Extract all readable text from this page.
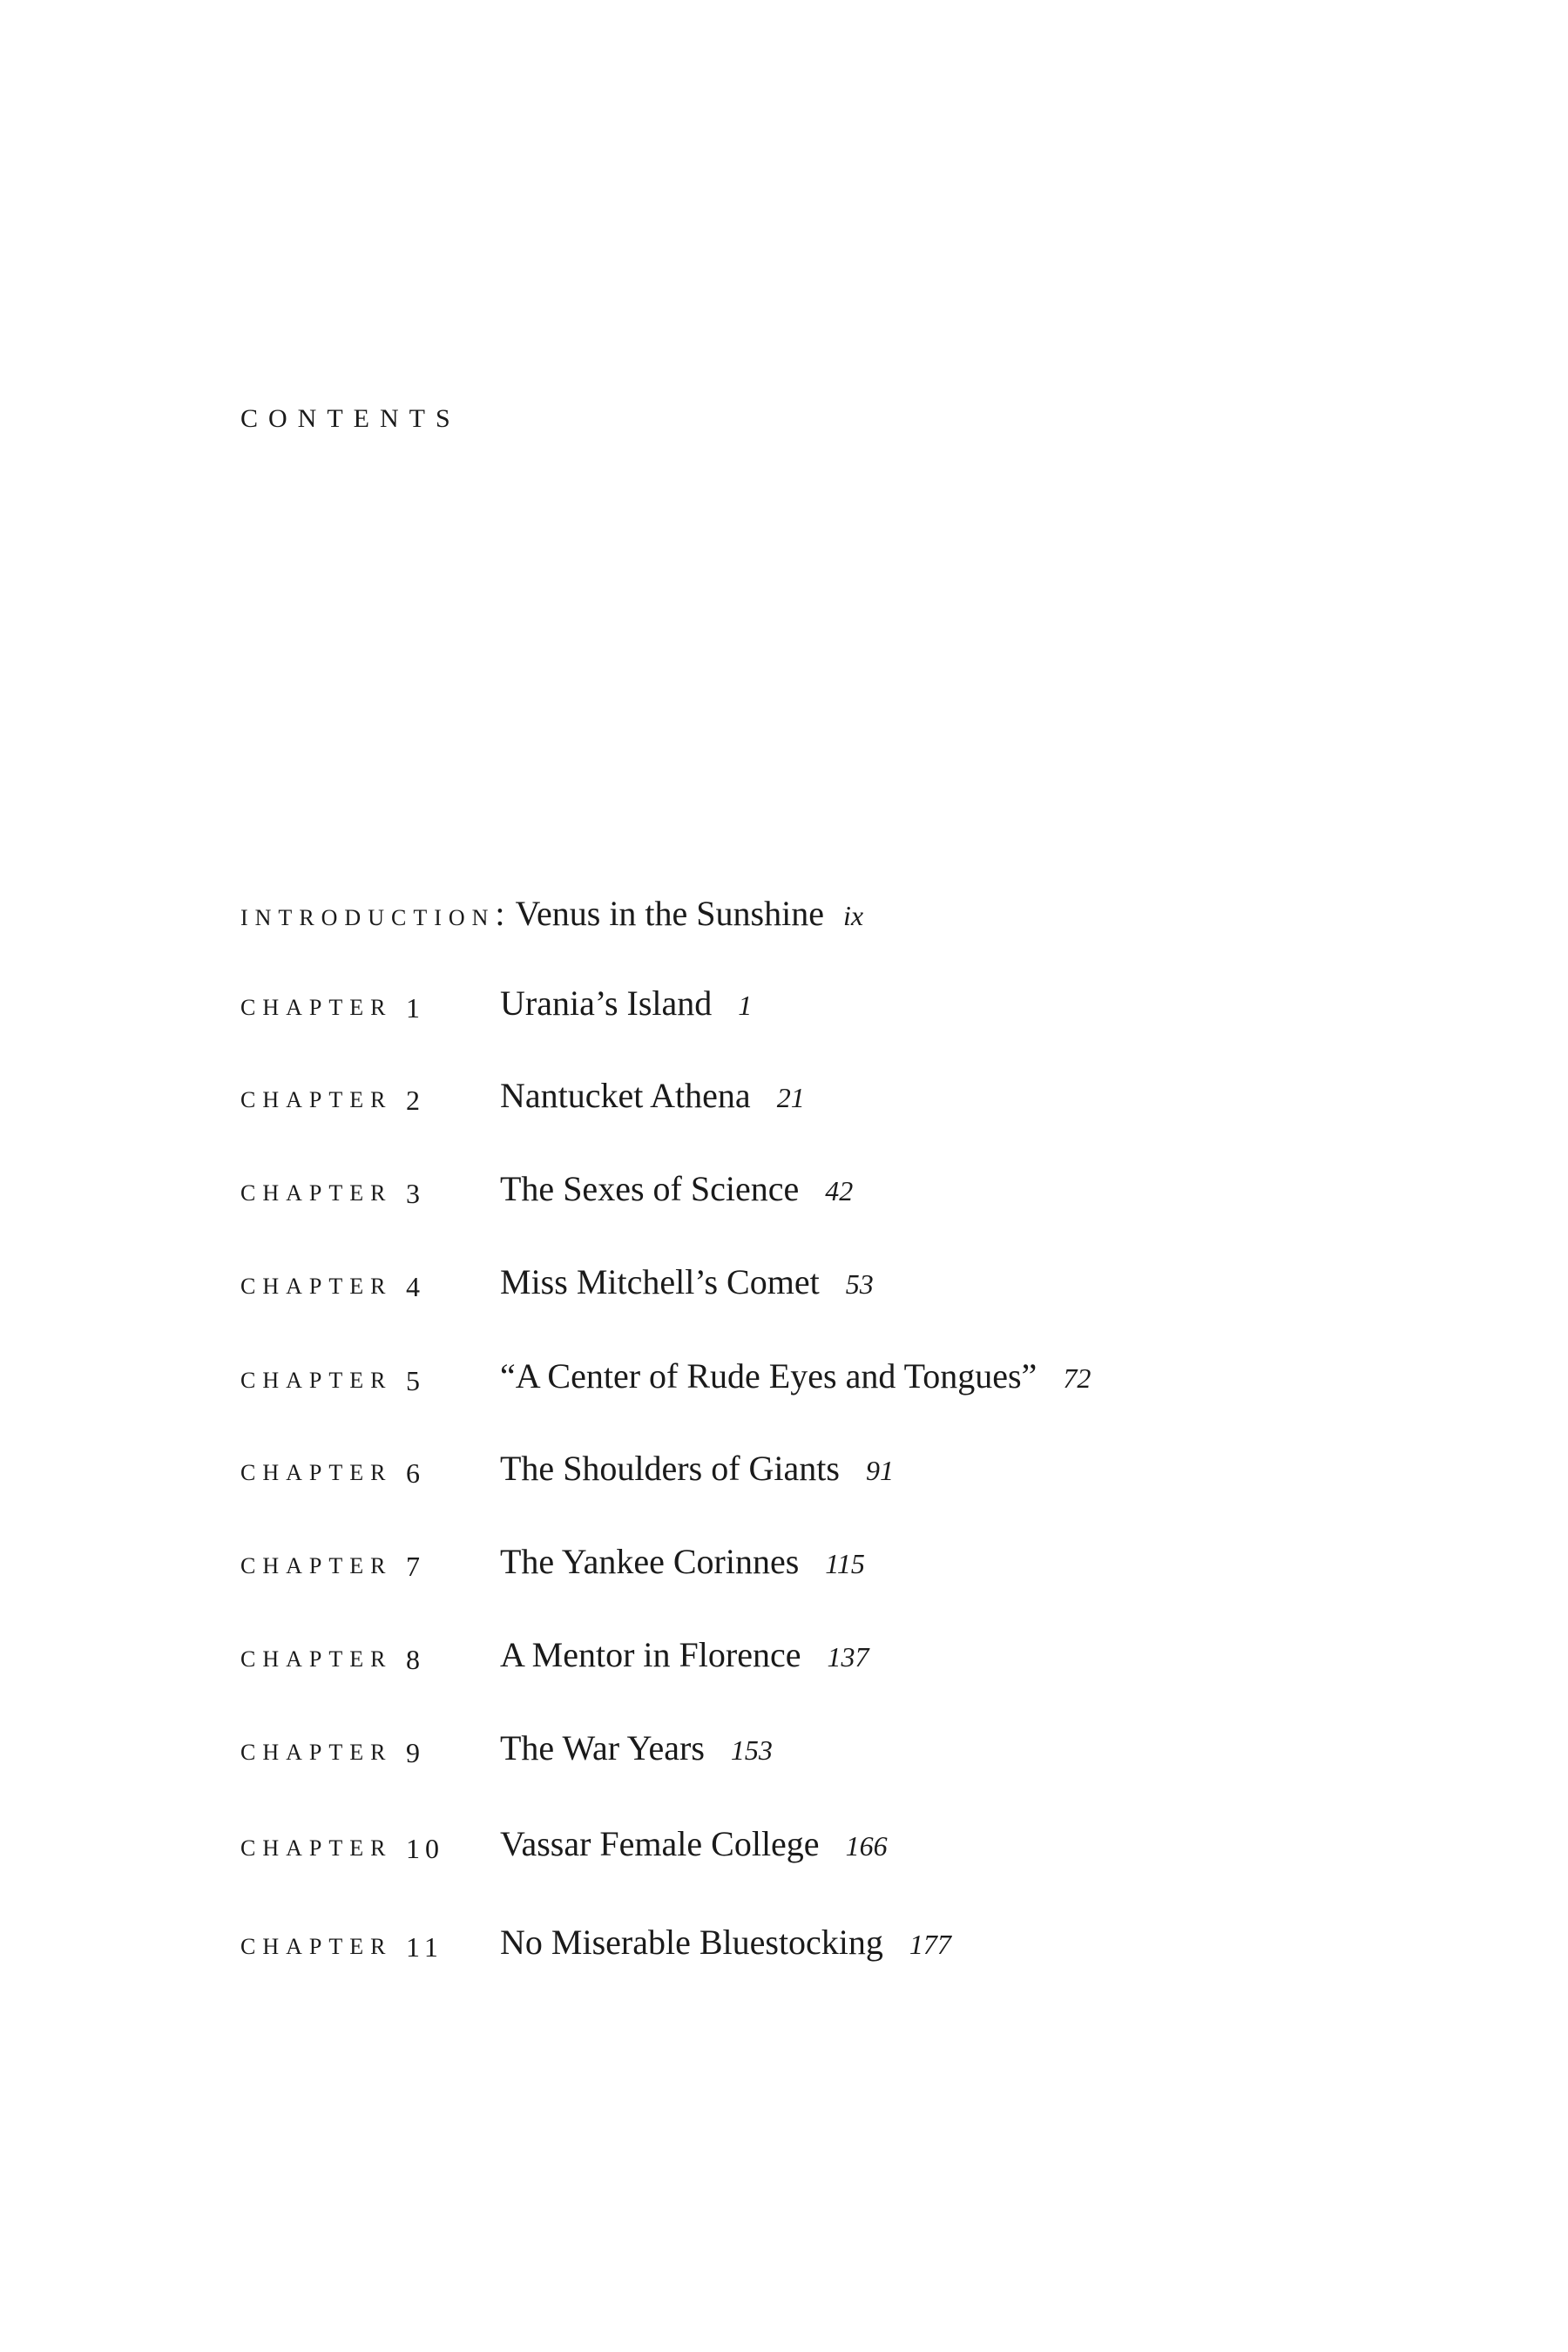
CONTENTS
INTRODUCTION: Venus in the Sunshine ix
CHAPTER 1 Urania’s Island 1
CHAPTER 2 Nantucket Athena 21
CHAPTER 3 The Sexes of Science 42
CHAPTER 4 Miss Mitchell’s Comet 53
CHAPTER 5 “A Center of Rude Eyes and Tongues” 72
CHAPTER 6 The Shoulders of Giants 91
CHAPTER 7 The Yankee Corinnes 115
CHAPTER 8 A Mentor in Florence 137
CHAPTER 9 The War Years 153
CHAPTER 10 Vassar Female College 166
CHAPTER 11 No Miserable Bluestocking 177
